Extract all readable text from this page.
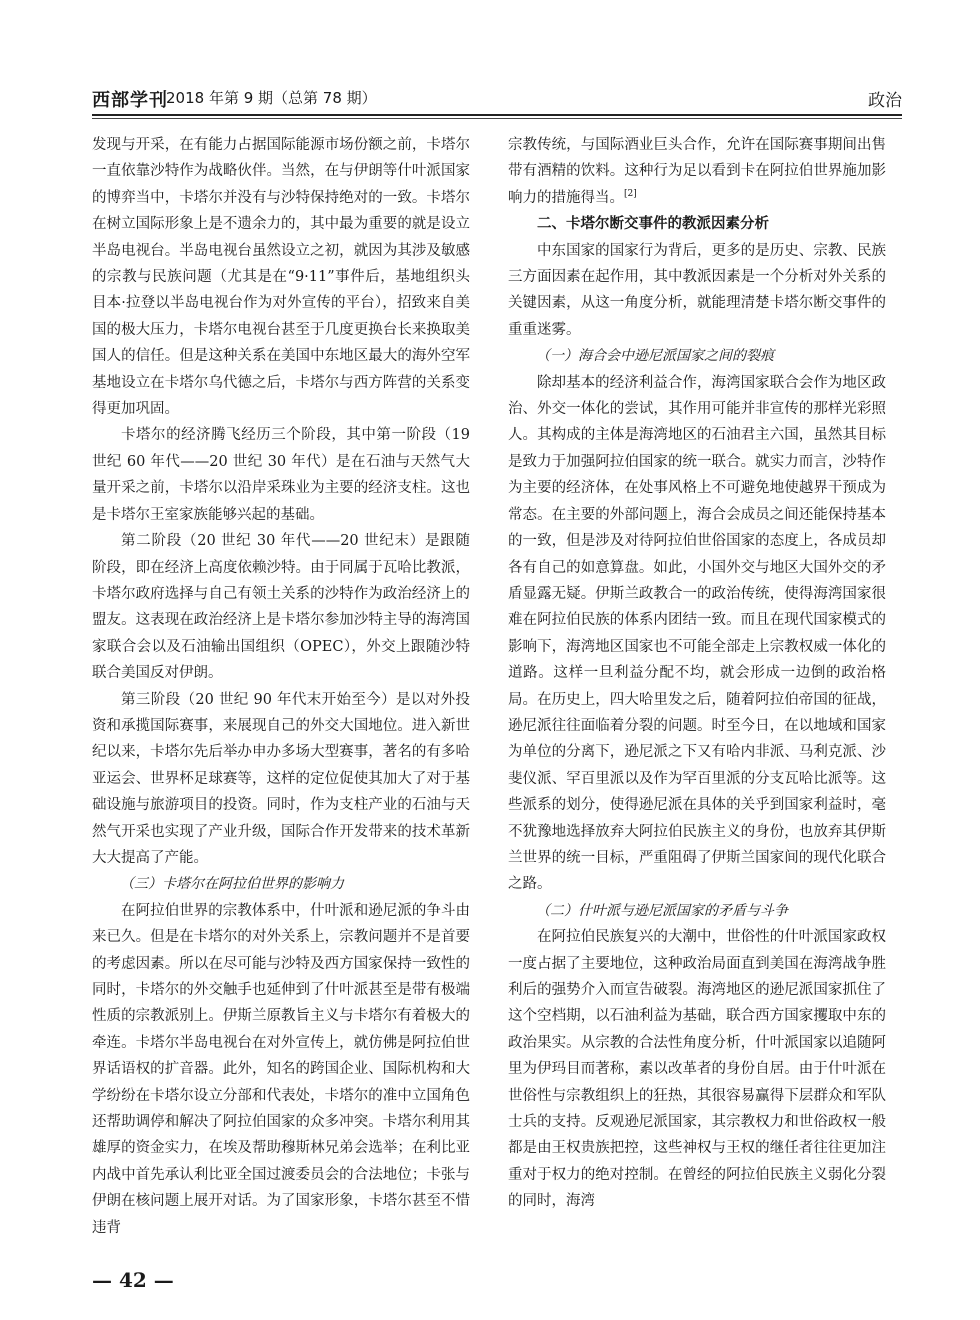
西部学刊
2018 年第 9 期（总第 78 期）	政治

发现与开采，在有能力占据国际能源市场份额之前，卡塔尔一直依靠沙特作为战略伙伴。当然，在与伊朗等什叶派国家的博弈当中，卡塔尔并没有与沙特保持绝对的一致。卡塔尔在树立国际形象上是不遗余力的，其中最为重要的就是设立半岛电视台。半岛电视台虽然设立之初，就因为其涉及敏感的宗教与民族问题（尤其是在“9·11”事件后，基地组织头目本·拉登以半岛电视台作为对外宣传的平台），招致来自美国的极大压力，卡塔尔电视台甚至于几度更换台长来换取美国人的信任。但是这种关系在美国中东地区最大的海外空军基地设立在卡塔尔乌代德之后，卡塔尔与西方阵营的关系变得更加巩固。

卡塔尔的经济腾飞经历三个阶段，其中第一阶段（19 世纪 60 年代——20 世纪 30 年代）是在石油与天然气大量开采之前，卡塔尔以沿岸采珠业为主要的经济支柱。这也是卡塔尔王室家族能够兴起的基础。

第二阶段（20 世纪 30 年代——20 世纪末）是跟随阶段，即在经济上高度依赖沙特。由于同属于瓦哈比教派，卡塔尔政府选择与自己有领土关系的沙特作为政治经济上的盟友。这表现在政治经济上是卡塔尔参加沙特主导的海湾国家联合会以及石油输出国组织（OPEC），外交上跟随沙特联合美国反对伊朗。

第三阶段（20 世纪 90 年代末开始至今）是以对外投资和承揽国际赛事，来展现自己的外交大国地位。进入新世纪以来，卡塔尔先后举办申办多场大型赛事，著名的有多哈亚运会、世界杯足球赛等，这样的定位促使其加大了对于基础设施与旅游项目的投资。同时，作为支柱产业的石油与天然气开采也实现了产业升级，国际合作开发带来的技术革新大大提高了产能。

（三）卡塔尔在阿拉伯世界的影响力

在阿拉伯世界的宗教体系中，什叶派和逊尼派的争斗由来已久。但是在卡塔尔的对外关系上，宗教问题并不是首要的考虑因素。所以在尽可能与沙特及西方国家保持一致性的同时，卡塔尔的外交触手也延伸到了什叶派甚至是带有极端性质的宗教派别上。伊斯兰原教旨主义与卡塔尔有着极大的牵连。卡塔尔半岛电视台在对外宣传上，就仿佛是阿拉伯世界话语权的扩音器。此外，知名的跨国企业、国际机构和大学纷纷在卡塔尔设立分部和代表处，卡塔尔的准中立国角色还帮助调停和解决了阿拉伯国家的众多冲突。卡塔尔利用其雄厚的资金实力，在埃及帮助穆斯林兄弟会选举；在利比亚内战中首先承认利比亚全国过渡委员会的合法地位；卡张与伊朗在核问题上展开对话。为了国家形象，卡塔尔甚至不惜违背

宗教传统，与国际酒业巨头合作，允许在国际赛事期间出售带有酒精的饮料。这种行为足以看到卡在阿拉伯世界施加影响力的措施得当。[2]

二、卡塔尔断交事件的教派因素分析

中东国家的国家行为背后，更多的是历史、宗教、民族三方面因素在起作用，其中教派因素是一个分析对外关系的关键因素，从这一角度分析，就能理清楚卡塔尔断交事件的重重迷雾。

（一）海合会中逊尼派国家之间的裂痕

除却基本的经济利益合作，海湾国家联合会作为地区政治、外交一体化的尝试，其作用可能并非宣传的那样光彩照人。其构成的主体是海湾地区的石油君主六国，虽然其目标是致力于加强阿拉伯国家的统一联合。就实力而言，沙特作为主要的经济体，在处事风格上不可避免地使越界干预成为常态。在主要的外部问题上，海合会成员之间还能保持基本的一致，但是涉及对待阿拉伯世俗国家的态度上，各成员却各有自己的如意算盘。如此，小国外交与地区大国外交的矛盾显露无疑。伊斯兰政教合一的政治传统，使得海湾国家很难在阿拉伯民族的体系内团结一致。而且在现代国家模式的影响下，海湾地区国家也不可能全部走上宗教权威一体化的道路。这样一旦利益分配不均，就会形成一边倒的政治格局。在历史上，四大哈里发之后，随着阿拉伯帝国的征战，逊尼派往往面临着分裂的问题。时至今日，在以地域和国家为单位的分离下，逊尼派之下又有哈内非派、马利克派、沙斐仪派、罕百里派以及作为罕百里派的分支瓦哈比派等。这些派系的划分，使得逊尼派在具体的关乎到国家利益时，毫不犹豫地选择放弃大阿拉伯民族主义的身份，也放弃其伊斯兰世界的统一目标，严重阻碍了伊斯兰国家间的现代化联合之路。

（二）什叶派与逊尼派国家的矛盾与斗争

在阿拉伯民族复兴的大潮中，世俗性的什叶派国家政权一度占据了主要地位，这种政治局面直到美国在海湾战争胜利后的强势介入而宣告破裂。海湾地区的逊尼派国家抓住了这个空档期，以石油利益为基础，联合西方国家攫取中东的政治果实。从宗教的合法性角度分析，什叶派国家以追随阿里为伊玛目而著称，素以改革者的身份自居。由于什叶派在世俗性与宗教组织上的狂热，其很容易赢得下层群众和军队士兵的支持。反观逊尼派国家，其宗教权力和世俗政权一般都是由王权贵族把控，这些神权与王权的继任者往往更加注重对于权力的绝对控制。在曾经的阿拉伯民族主义弱化分裂的同时，海湾

— 42 —
